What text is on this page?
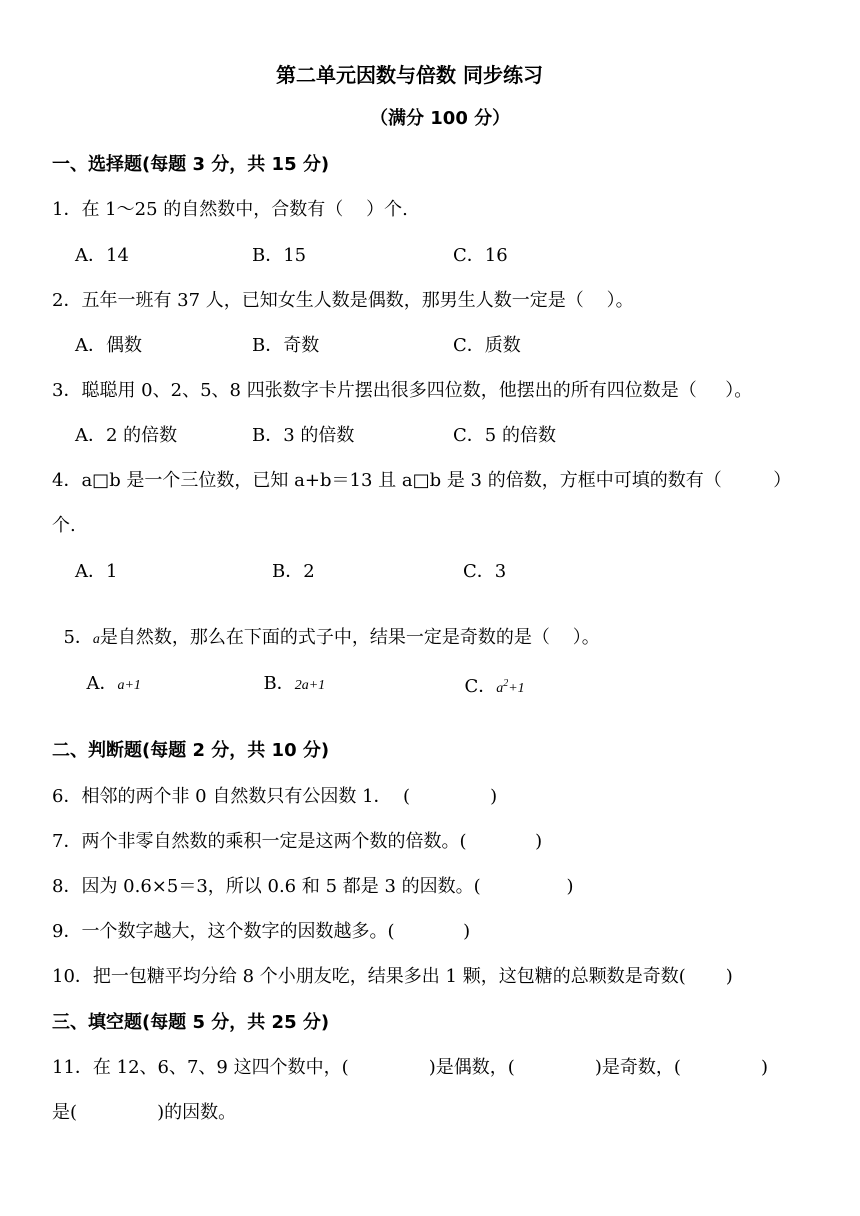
第二单元因数与倍数 同步练习
（满分 100 分）
一、选择题(每题 3 分，共 15 分)
1．在 1～25 的自然数中，合数有（    ）个.
A．14	B．15	C．16
2．五年一班有 37 人，已知女生人数是偶数，那男生人数一定是（    ）。
A．偶数	B．奇数	C．质数
3．聪聪用 0、2、5、8 四张数字卡片摆出很多四位数，他摆出的所有四位数是（     ）。
A．2 的倍数	B．3 的倍数	C．5 的倍数
4．a□b 是一个三位数，已知 a+b＝13 且 a□b 是 3 的倍数，方框中可填的数有（         ）
个.
A．1	B．2	C．3

5．a是自然数，那么在下面的式子中，结果一定是奇数的是（    ）。

A．a+1	B．2a+1	C．$a^2+1$

二、判断题(每题 2 分，共 10 分)
6．相邻的两个非 0 自然数只有公因数 1．  (              )
7．两个非零自然数的乘积一定是这两个数的倍数。(            )
8．因为 0.6×5＝3，所以 0.6 和 5 都是 3 的因数。(               )
9．一个数字越大，这个数字的因数越多。(            )
10．把一包糖平均分给 8 个小朋友吃，结果多出 1 颗，这包糖的总颗数是奇数(       )
三、填空题(每题 5 分，共 25 分)
11．在 12、6、7、9 这四个数中，(              )是偶数，(              )是奇数，(              )
是(              )的因数。
